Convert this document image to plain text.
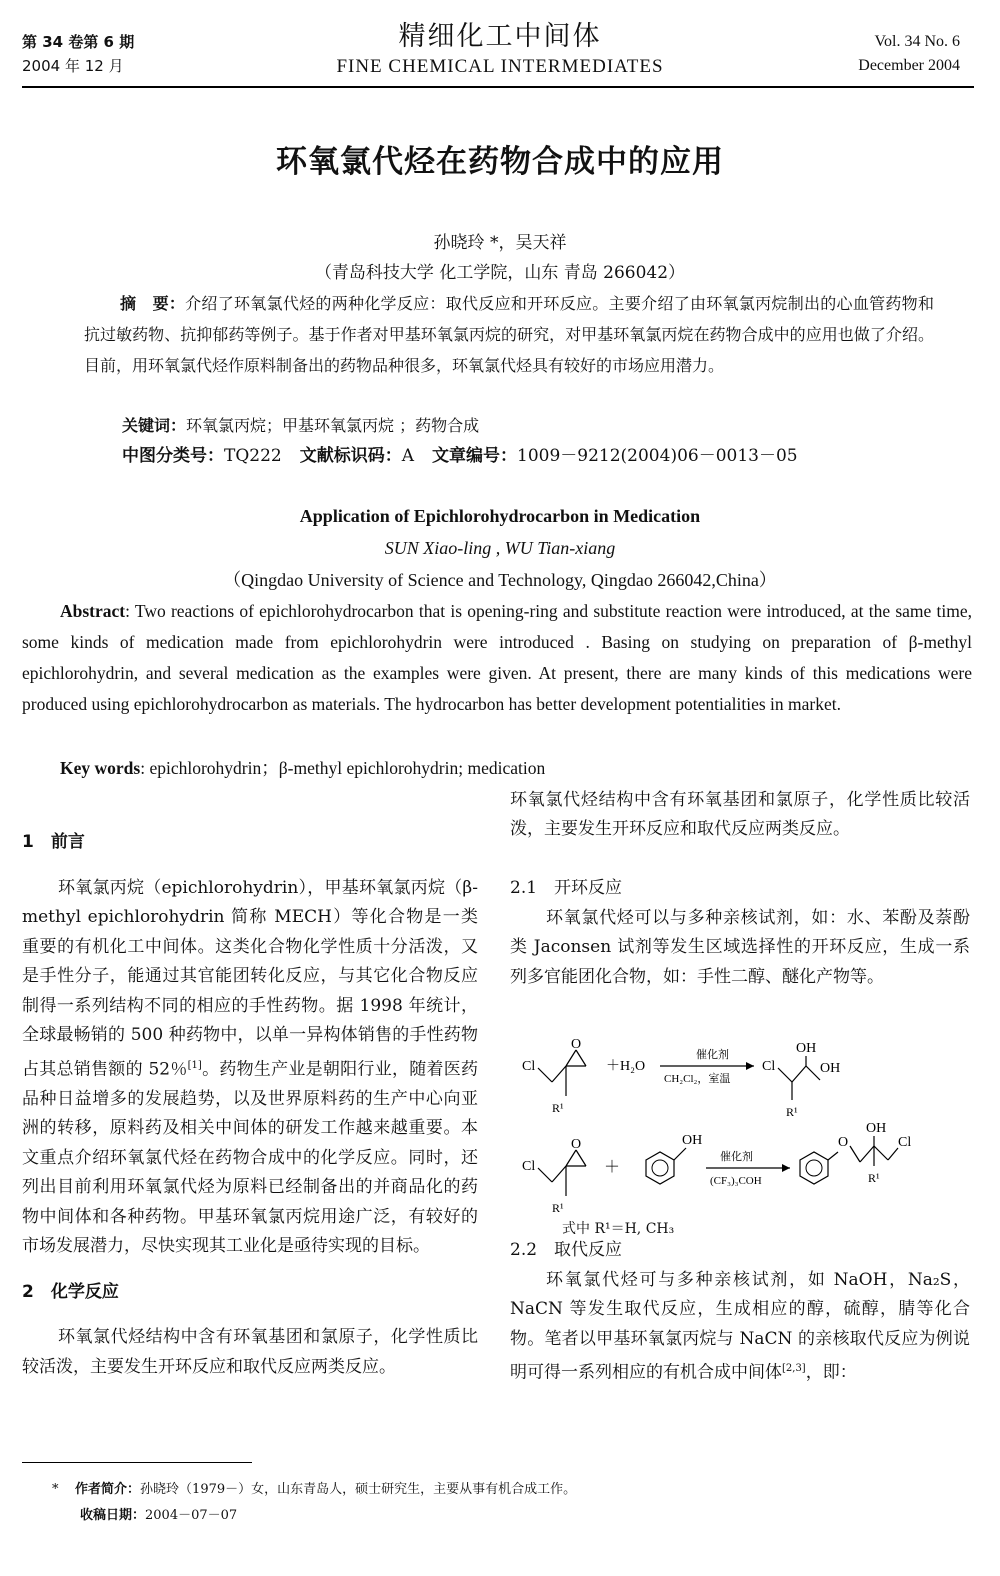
第 34 卷第 6 期
2004 年 12 月
精细化工中间体
FINE CHEMICAL INTERMEDIATES
Vol. 34 No. 6
December 2004
环氧氯代烃在药物合成中的应用
孙晓玲 *，吴天祥
（青岛科技大学 化工学院，山东 青岛 266042）
摘　要：介绍了环氧氯代烃的两种化学反应：取代反应和开环反应。主要介绍了由环氧氯丙烷制出的心血管药物和抗过敏药物、抗抑郁药等例子。基于作者对甲基环氧氯丙烷的研究，对甲基环氧氯丙烷在药物合成中的应用也做了介绍。目前，用环氧氯代烃作原料制备出的药物品种很多，环氧氯代烃具有较好的市场应用潜力。
关键词：环氧氯丙烷；甲基环氧氯丙烷 ；药物合成
中图分类号：TQ222 文献标识码：A 文章编号：1009－9212(2004)06－0013－05
Application of Epichlorohydrocarbon in Medication
SUN Xiao-ling , WU Tian-xiang
（Qingdao University of Science and Technology, Qingdao 266042,China）
Abstract: Two reactions of epichlorohydrocarbon that is opening-ring and substitute reaction were introduced, at the same time, some kinds of medication made from epichlorohydrin were introduced . Basing on studying on preparation of β-methyl epichlorohydrin, and several medication as the examples were given. At present, there are many kinds of this medications were produced using epichlorohydrocarbon as materials. The hydrocarbon has better development potentialities in market.
Key words: epichlorohydrin；β-methyl epichlorohydrin; medication
1　前言

环氧氯丙烷（epichlorohydrin），甲基环氧氯丙烷（β-methyl epichlorohydrin 简称 MECH）等化合物是一类重要的有机化工中间体。这类化合物化学性质十分活泼，又是手性分子，能通过其官能团转化反应，与其它化合物反应制得一系列结构不同的相应的手性药物。据 1998 年统计，全球最畅销的 500 种药物中，以单一异构体销售的手性药物占其总销售额的 52％[1]。药物生产业是朝阳行业，随着医药品种日益增多的发展趋势，以及世界原料药的生产中心向亚洲的转移，原料药及相关中间体的研发工作越来越重要。本文重点介绍环氧氯代烃在药物合成中的化学反应。同时，还列出目前利用环氧氯代烃为原料已经制备出的并商品化的药物中间体和各种药物。甲基环氧氯丙烷用途广泛，有较好的市场发展潜力，尽快实现其工业化是亟待实现的目标。

2　化学反应

环氧氯代烃结构中含有环氧基团和氯原子，化学性质比较活泼，主要发生开环反应和取代反应两类反应。

环氧氯代烃结构中含有环氧基团和氯原子，化学性质比较活泼，主要发生开环反应和取代反应两类反应。
2.1　开环反应

环氧氯代烃可以与多种亲核试剂，如：水、苯酚及萘酚类 Jaconsen 试剂等发生区域选择性的开环反应，生成一系列多官能团化合物，如：手性二醇、醚化产物等。

Cl
O
R¹
＋H₂O
催化剂
CH₂Cl₂，室温
Cl
OH
OH
R¹
Cl
O
R¹
＋
OH
催化剂
(CF₃)₃COH
O
OH
Cl
R¹
式中 R¹＝H, CH₃
2.2　取代反应

环氧氯代烃可与多种亲核试剂，如 NaOH，Na₂S，NaCN 等发生取代反应，生成相应的醇，硫醇，腈等化合物。笔者以甲基环氧氯丙烷与 NaCN 的亲核取代反应为例说明可得一系列相应的有机合成中间体[2,3]，即：

* 作者简介：孙晓玲（1979－）女，山东青岛人，硕士研究生，主要从事有机合成工作。
收稿日期：2004－07－07
